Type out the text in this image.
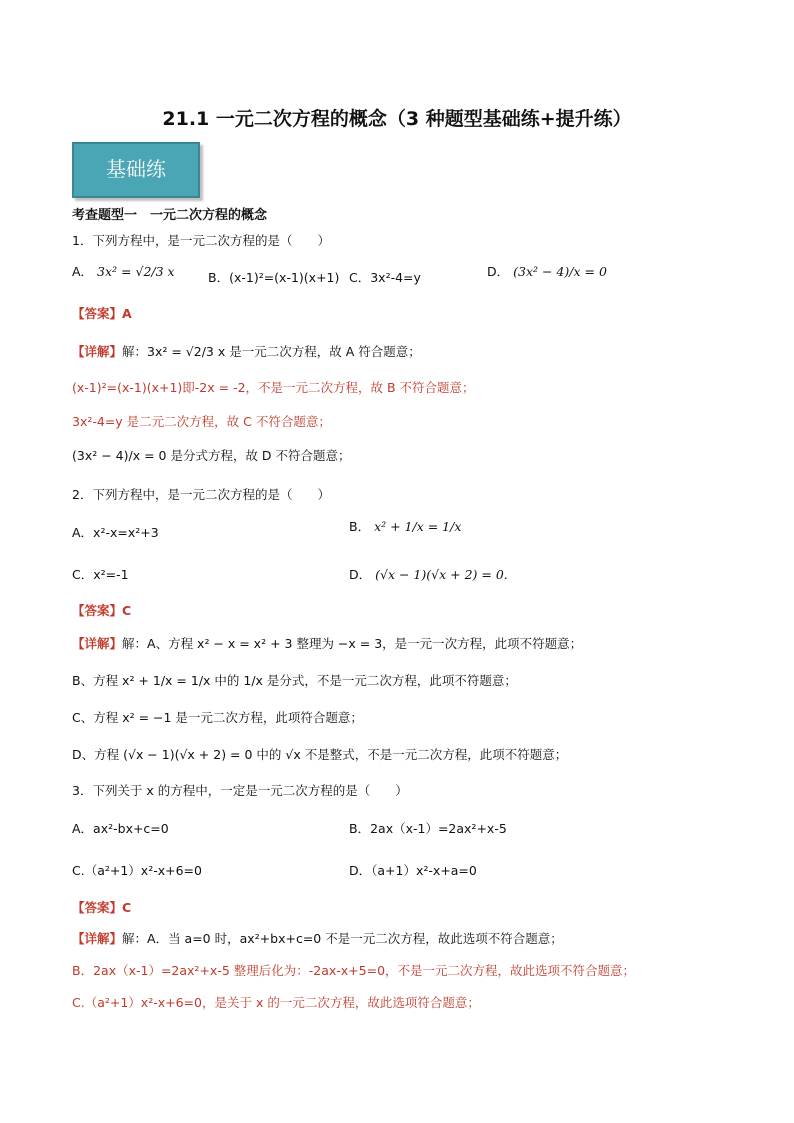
21.1 一元二次方程的概念（3 种题型基础练+提升练）
基础练
考查题型一　一元二次方程的概念
1．下列方程中，是一元二次方程的是（　　）
A． 3x² = √2/3 x	B．(x-1)²=(x-1)(x+1) C．3x²-4=y	D． (3x² − 4)/x = 0
【答案】A
【详解】解：3x² = √2/3 x 是一元二次方程，故 A 符合题意；
(x-1)²=(x-1)(x+1)即-2x = -2，不是一元二次方程，故 B 不符合题意；
3x²-4=y 是二元二次方程，故 C 不符合题意；
(3x² − 4)/x = 0 是分式方程，故 D 不符合题意；
2．下列方程中，是一元二次方程的是（　　）
A．x²-x=x²+3	B． x² + 1/x = 1/x
C．x²=-1	D． (√x − 1)(√x + 2) = 0.
【答案】C
【详解】解：A、方程 x² − x = x² + 3 整理为 −x = 3，是一元一次方程，此项不符题意；
B、方程 x² + 1/x = 1/x 中的 1/x 是分式，不是一元二次方程，此项不符题意；
C、方程 x² = −1 是一元二次方程，此项符合题意；
D、方程 (√x − 1)(√x + 2) = 0 中的 √x 不是整式，不是一元二次方程，此项不符题意；
3．下列关于 x 的方程中，一定是一元二次方程的是（　　）
A．ax²-bx+c=0	B．2ax（x-1）=2ax²+x-5
C.（a²+1）x²-x+6=0	D．（a+1）x²-x+a=0
【答案】C
【详解】解：A．当 a=0 时，ax²+bx+c=0 不是一元二次方程，故此选项不符合题意；
B．2ax（x-1）=2ax²+x-5 整理后化为：-2ax-x+5=0，不是一元二次方程，故此选项不符合题意；
C.（a²+1）x²-x+6=0，是关于 x 的一元二次方程，故此选项符合题意；
